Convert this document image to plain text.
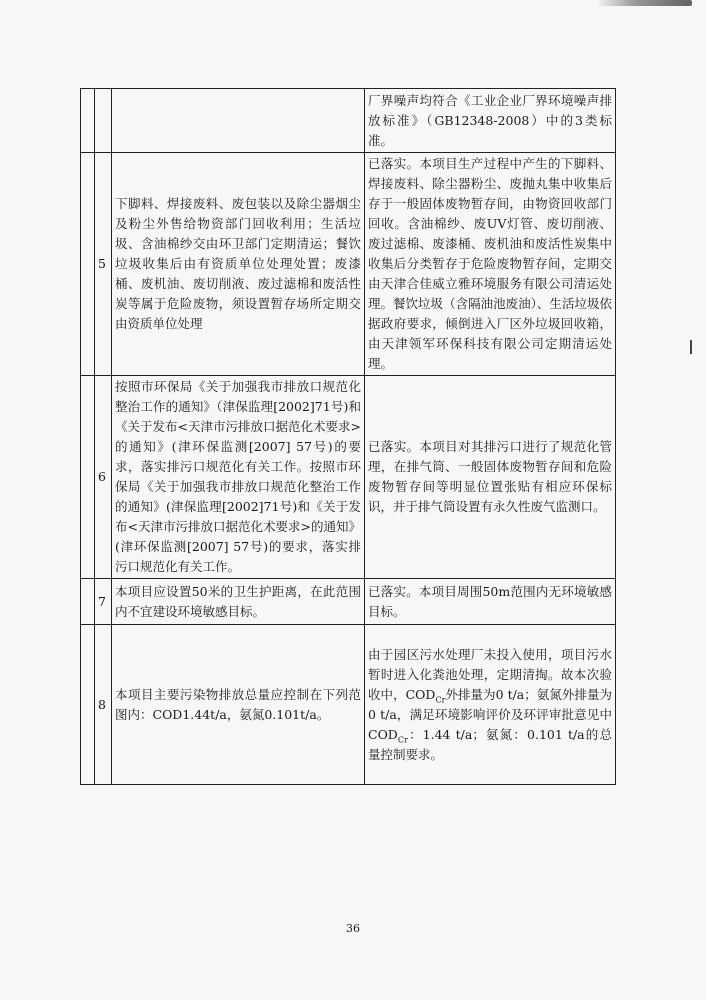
			厂界噪声均符合《工业企业厂界环境噪声排放标准》（GB12348-2008）中的3类标准。
	5	下脚料、焊接废料、废包装以及除尘器烟尘及粉尘外售给物资部门回收利用；生活垃圾、含油棉纱交由环卫部门定期清运；餐饮垃圾收集后由有资质单位处理处置；废漆桶、废机油、废切削液、废过滤棉和废活性炭等属于危险废物，须设置暂存场所定期交由资质单位处理	已落实。本项目生产过程中产生的下脚料、焊接废料、除尘器粉尘、废抛丸集中收集后存于一般固体废物暂存间，由物资回收部门回收。含油棉纱、废UV灯管、废切削液、废过滤棉、废漆桶、废机油和废活性炭集中收集后分类暂存于危险废物暂存间，定期交由天津合佳威立雅环境服务有限公司清运处理。餐饮垃圾（含隔油池废油）、生活垃圾依据政府要求，倾倒进入厂区外垃圾回收箱，由天津领军环保科技有限公司定期清运处理。
	6	按照市环保局《关于加强我市排放口规范化整治工作的通知》（津保监理[2002]71号)和《关于发布<天津市污排放口据范化术要求>的通知》(津环保监测[2007] 57号)的要求，落实排污口规范化有关工作。按照市环保局《关于加强我市排放口规范化整治工作的通知》(津保监理[2002]71号)和《关于发布<天津市污排放口据范化术要求>的通知》(津环保监测[2007] 57号)的要求，落实排污口规范化有关工作。	已落实。本项目对其排污口进行了规范化管理，在排气筒、一般固体废物暂存间和危险废物暂存间等明显位置张贴有相应环保标识，并于排气筒设置有永久性废气监测口。
	7	本项目应设置50米的卫生护距离，在此范围内不宜建设环境敏感目标。	已落实。本项目周围50m范围内无环境敏感目标。
	8	本项目主要污染物排放总量应控制在下列范图内：COD1.44t/a，氨氮0.101t/a。	由于园区污水处理厂未投入使用，项目污水暂时进入化粪池处理，定期清掏。故本次验收中，$COD_{Cr}$外排量为0 t/a；氨氮外排量为0 t/a，满足环境影响评价及环评审批意见中$COD_{Cr}$：1.44 t/a；氨氮：0.101 t/a的总量控制要求。
36
